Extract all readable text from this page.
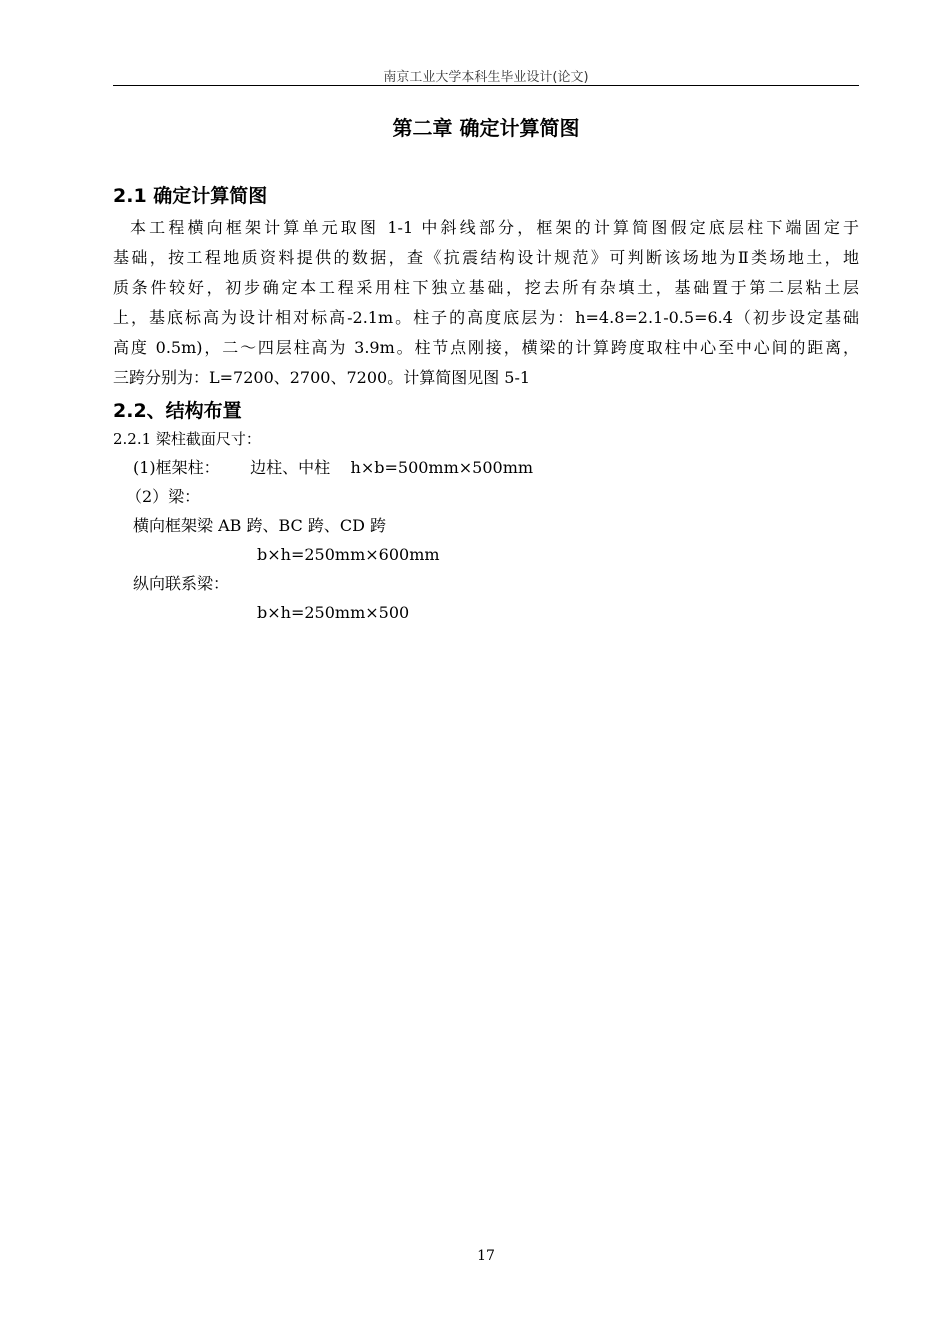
南京工业大学本科生毕业设计(论文)
第二章 确定计算简图
2.1 确定计算简图
本工程横向框架计算单元取图 1-1 中斜线部分，框架的计算简图假定底层柱下端固定于
基础，按工程地质资料提供的数据，查《抗震结构设计规范》可判断该场地为Ⅱ类场地土，地
质条件较好，初步确定本工程采用柱下独立基础，挖去所有杂填土，基础置于第二层粘土层
上，基底标高为设计相对标高-2.1m。柱子的高度底层为：h=4.8=2.1-0.5=6.4（初步设定基础
高度 0.5m)，二～四层柱高为 3.9m。柱节点刚接，横梁的计算跨度取柱中心至中心间的距离，
三跨分别为：L=7200、2700、7200。计算简图见图 5-1
2.2、结构布置
2.2.1 梁柱截面尺寸：
(1)框架柱：      边柱、中柱    h×b=500mm×500mm
（2）梁：
横向框架梁 AB 跨、BC 跨、CD 跨
b×h=250mm×600mm
纵向联系梁：
b×h=250mm×500
17
